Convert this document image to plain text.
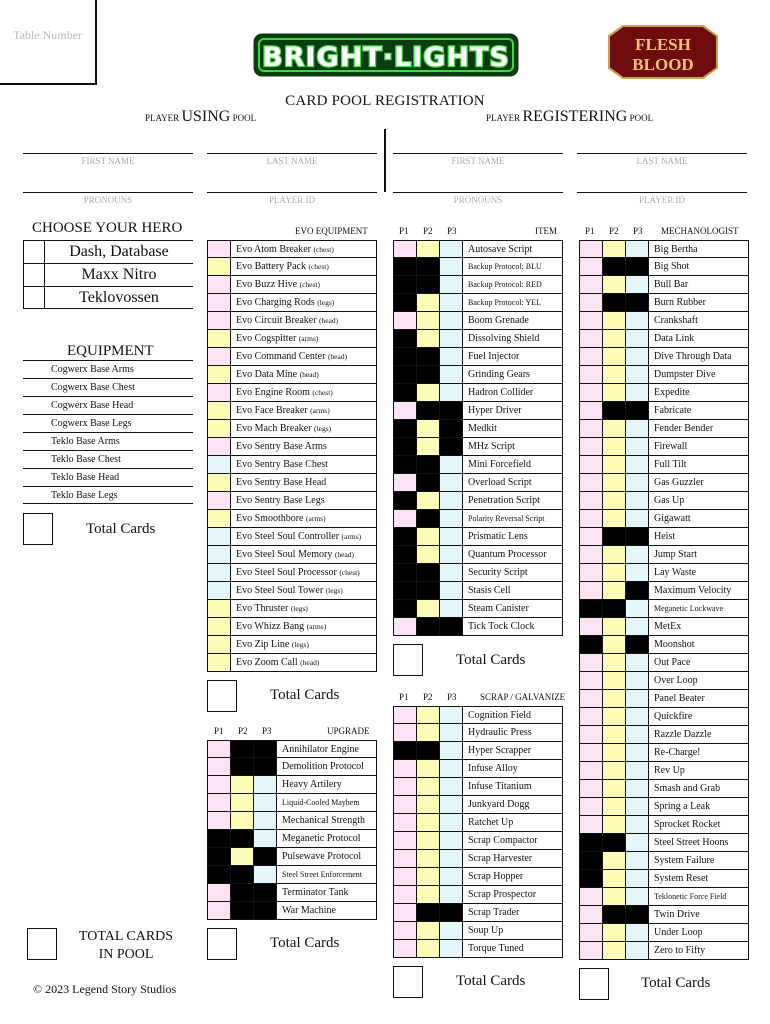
Table Number
BRIGHT·LIGHTS	FLESH
BLOOD
CARD POOL REGISTRATION
PLAYER USING POOL	PLAYER REGISTERING POOL
FIRST NAME	LAST NAME	FIRST NAME	LAST NAME
PRONOUNS	PLAYER ID	PRONOUNS	PLAYER ID
CHOOSE YOUR HERO
Dash, Database
Maxx Nitro
Teklovossen
EQUIPMENT
Cogwerx Base Arms
Cogwerx Base Chest
Cogwerx Base Head
Cogwerx Base Legs
Teklo Base Arms
Teklo Base Chest
Teklo Base Head
Teklo Base Legs
Total Cards
TOTAL CARDS
IN POOL
EVO EQUIPMENT
Evo Atom Breaker (chest)
Evo Battery Pack (chest)
Evo Buzz Hive (chest)
Evo Charging Rods (legs)
Evo Circuit Breaker (head)
Evo Cogspitter (arms)
Evo Command Center (head)
Evo Data Mine (head)
Evo Engine Room (chest)
Evo Face Breaker (arms)
Evo Mach Breaker (legs)
Evo Sentry Base Arms
Evo Sentry Base Chest
Evo Sentry Base Head
Evo Sentry Base Legs
Evo Smoothbore (arms)
Evo Steel Soul Controller (arms)
Evo Steel Soul Memory (head)
Evo Steel Soul Processor (chest)
Evo Steel Soul Tower (legs)
Evo Thruster (legs)
Evo Whizz Bang (arms)
Evo Zip Line (legs)
Evo Zoom Call (head)
Total Cards
P1 P2 P3	UPGRADE
Annihilator Engine
Demolition Protocol
Heavy Artilery
Liquid-Cooled Mayhem
Mechanical Strength
Meganetic Protocol
Pulsewave Protocol
Steel Street Enforcement
Terminator Tank
War Machine
Total Cards
P1 P2 P3	ITEM
Autosave Script
Backup Protocol: BLU
Backup Protocol: RED
Backup Protocol: YEL
Boom Grenade
Dissolving Shield
Fuel Injector
Grinding Gears
Hadron Collider
Hyper Driver
Medkit
MHz Script
Mini Forcefield
Overload Script
Penetration Script
Polarity Reversal Script
Prismatic Lens
Quantum Processor
Security Script
Stasis Cell
Steam Canister
Tick Tock Clock
Total Cards
P1 P2 P3	SCRAP / GALVANIZE
Cognition Field
Hydraulic Press
Hyper Scrapper
Infuse Alloy
Infuse Titanium
Junkyard Dogg
Ratchet Up
Scrap Compactor
Scrap Harvester
Scrap Hopper
Scrap Prospector
Scrap Trader
Soup Up
Torque Tuned
Total Cards
P1 P2 P3 MECHANOLOGIST
Big Bertha
Big Shot
Bull Bar
Burn Rubber
Crankshaft
Data Link
Dive Through Data
Dumpster Dive
Expedite
Fabricate
Fender Bender
Firewall
Full Tilt
Gas Guzzler
Gas Up
Gigawatt
Heist
Jump Start
Lay Waste
Maximum Velocity
Meganetic Lockwave
MetEx
Moonshot
Out Pace
Over Loop
Panel Beater
Quickfire
Razzle Dazzle
Re-Charge!
Rev Up
Smash and Grab
Spring a Leak
Sprocket Rocket
Steel Street Hoons
System Failure
System Reset
Teklonetic Force Field
Twin Drive
Under Loop
Zero to Fifty
Total Cards
© 2023 Legend Story Studios
